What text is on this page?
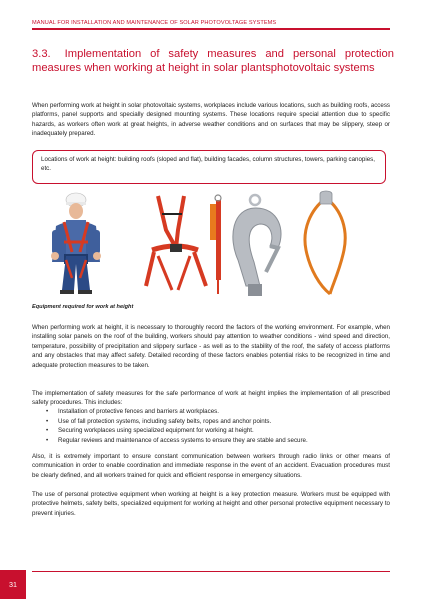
MANUAL FOR INSTALLATION AND MAINTENANCE OF SOLAR PHOTOVOLTAGE SYSTEMS
3.3. Implementation of safety measures and personal protection measures when working at height in solar plantsphotovoltaic systems

When performing work at height in solar photovoltaic systems, workplaces include various locations, such as building roofs, access platforms, panel supports and specially designed mounting systems. These locations require special attention due to specific hazards, as workers often work at great heights, in adverse weather conditions and on surfaces that may be slippery, steep or inadequately prepared.

Locations of work at height: building roofs (sloped and flat), building facades, column structures, towers, parking canopies, etc.

Equipment required for work at height

When performing work at height, it is necessary to thoroughly record the factors of the working environment. For example, when installing solar panels on the roof of the building, workers should pay attention to weather conditions - wind speed and direction, temperature, possibility of precipitation and slippery surface - as well as to the stability of the roof, the safety of access platforms and any obstacles that may affect safety. Detailed recording of these factors enables potential risks to be recognized in time and adequate protection measures to be taken.

The implementation of safety measures for the safe performance of work at height implies the implementation of all prescribed safety procedures. This includes:

• Installation of protective fences and barriers at workplaces.
• Use of fall protection systems, including safety belts, ropes and anchor points.
• Securing workplaces using specialized equipment for working at height.
• Regular reviews and maintenance of access systems to ensure they are stable and secure.

Also, it is extremely important to ensure constant communication between workers through radio links or other means of communication in order to enable coordination and immediate response in the event of an accident. Evacuation procedures must be clearly defined, and all workers trained for quick and efficient response in emergency situations.

The use of personal protective equipment when working at height is a key protection measure. Workers must be equipped with protective helmets, safety belts, specialized equipment for working at height and other personal protective equipment necessary to prevent injuries.

31
